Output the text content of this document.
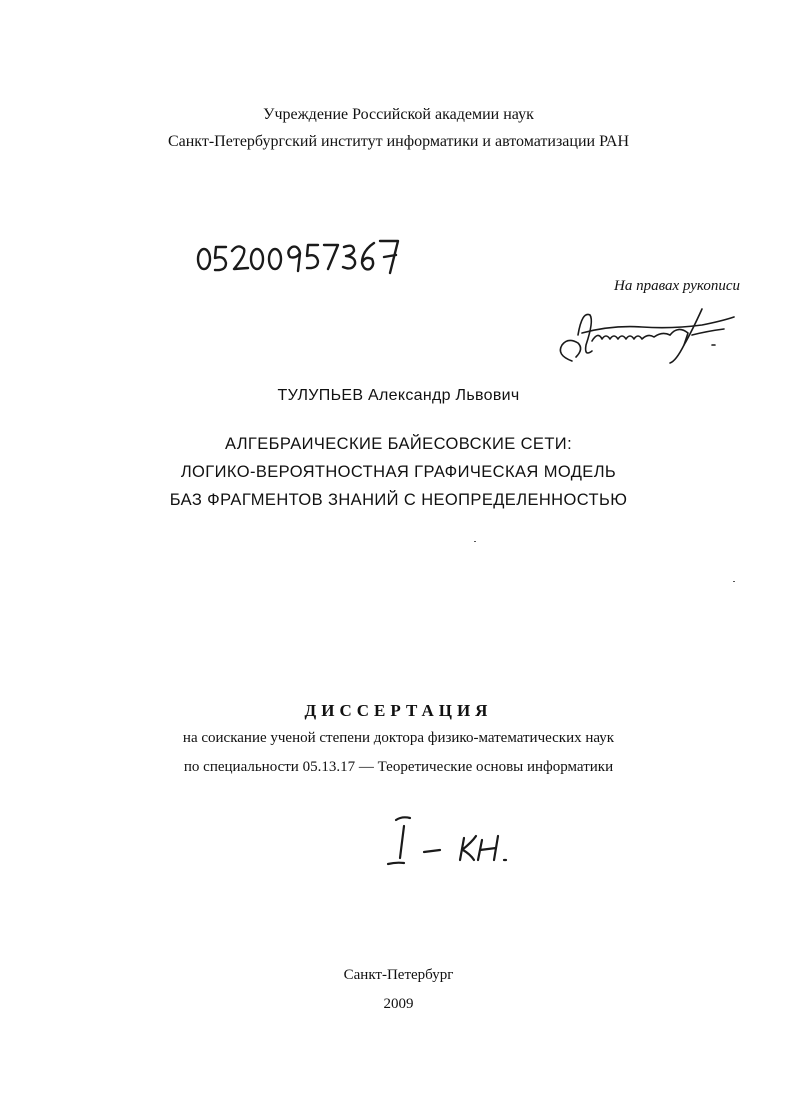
Учреждение Российской академии наук
Санкт-Петербургский институт информатики и автоматизации РАН
На правах рукописи
ТУЛУПЬЕВ Александр Львович
АЛГЕБРАИЧЕСКИЕ БАЙЕСОВСКИЕ СЕТИ:
ЛОГИКО-ВЕРОЯТНОСТНАЯ ГРАФИЧЕСКАЯ МОДЕЛЬ
БАЗ ФРАГМЕНТОВ ЗНАНИЙ С НЕОПРЕДЕЛЕННОСТЬЮ
ДИССЕРТАЦИЯ
на соискание ученой степени доктора физико-математических наук
по специальности 05.13.17 — Теоретические основы информатики
Санкт-Петербург
2009
